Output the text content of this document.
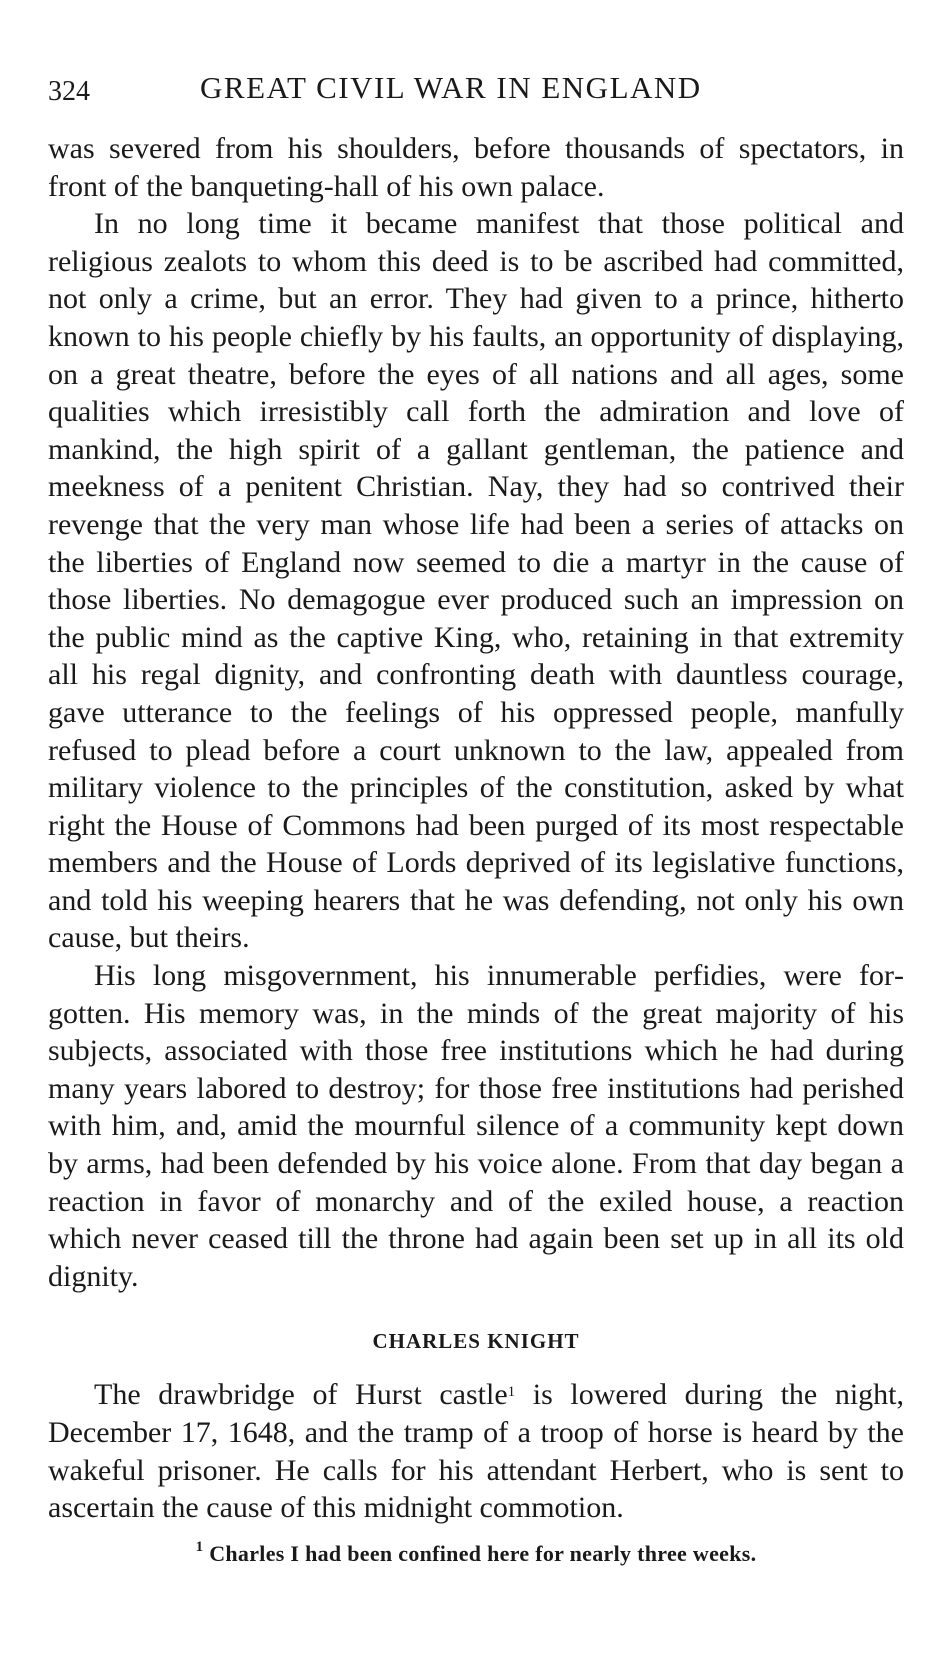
324	GREAT CIVIL WAR IN ENGLAND

was severed from his shoulders, before thousands of spectators, in front of the banqueting-hall of his own palace.

In no long time it became manifest that those political and religious zealots to whom this deed is to be ascribed had committed, not only a crime, but an error. They had given to a prince, hitherto known to his people chiefly by his faults, an opportunity of displaying, on a great theatre, before the eyes of all nations and all ages, some qualities which irresistibly call forth the admiration and love of mankind, the high spirit of a gallant gentleman, the patience and meekness of a penitent Christian. Nay, they had so contrived their revenge that the very man whose life had been a series of attacks on the liberties of England now seemed to die a martyr in the cause of those liberties. No demagogue ever produced such an impression on the public mind as the captive King, who, retaining in that extremity all his regal dignity, and confronting death with dauntless courage, gave utterance to the feelings of his oppressed people, manfully refused to plead before a court unknown to the law, appealed from military violence to the principles of the constitution, asked by what right the House of Commons had been purged of its most respectable members and the House of Lords deprived of its legislative functions, and told his weeping hearers that he was defending, not only his own cause, but theirs.

His long misgovernment, his innumerable perfidies, were forgotten. His memory was, in the minds of the great majority of his subjects, associated with those free institutions which he had during many years labored to destroy; for those free institutions had perished with him, and, amid the mournful silence of a community kept down by arms, had been defended by his voice alone. From that day began a reaction in favor of monarchy and of the exiled house, a reaction which never ceased till the throne had again been set up in all its old dignity.

CHARLES KNIGHT

The drawbridge of Hurst castle$^1$ is lowered during the night, December 17, 1648, and the tramp of a troop of horse is heard by the wakeful prisoner. He calls for his attendant Herbert, who is sent to ascertain the cause of this midnight commotion.

$^1$ Charles I had been confined here for nearly three weeks.
